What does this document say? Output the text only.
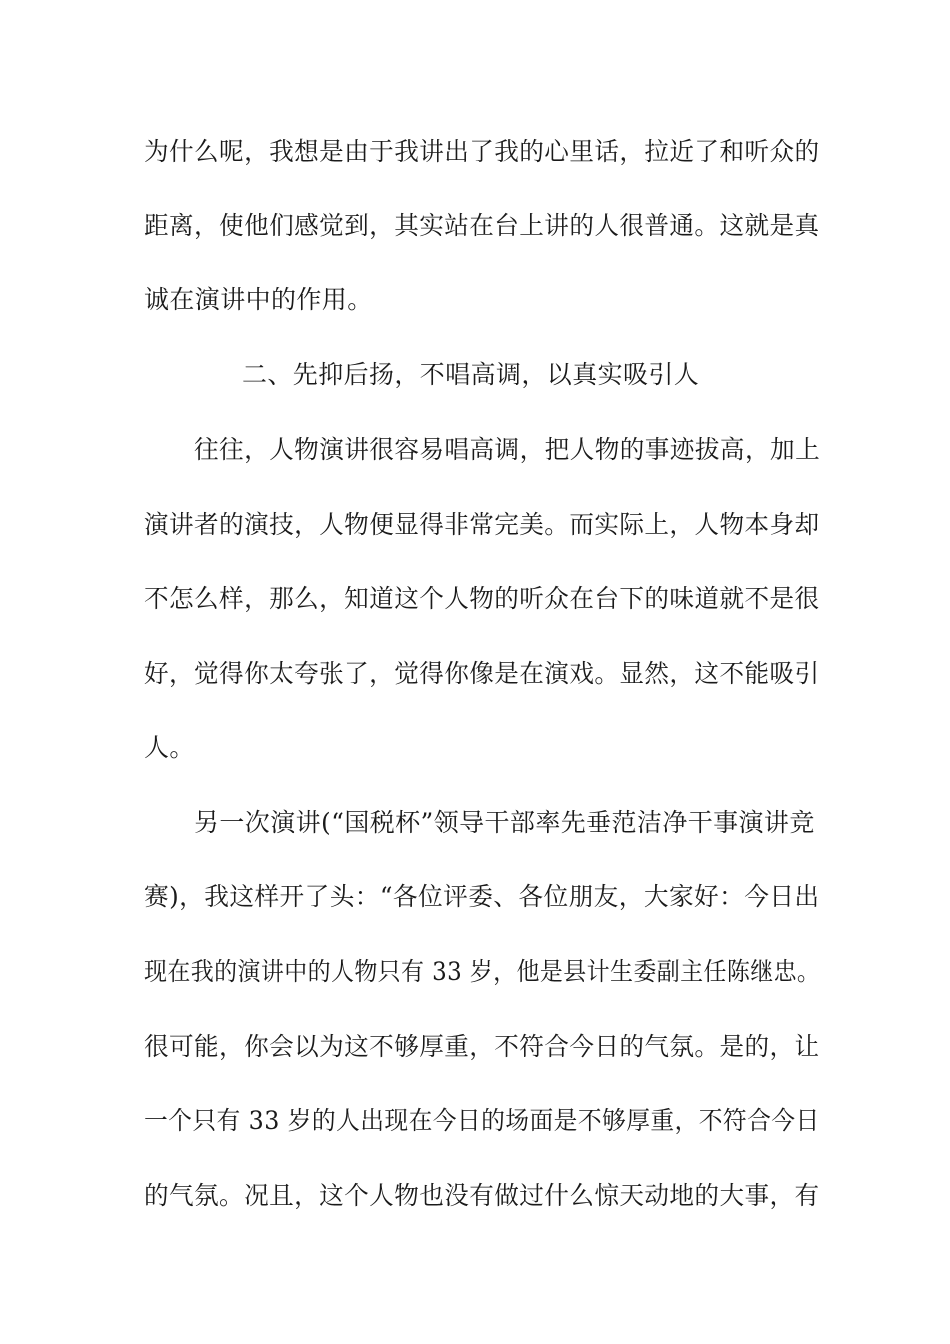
为什么呢，我想是由于我讲出了我的心里话，拉近了和听众的
距离，使他们感觉到，其实站在台上讲的人很普通。这就是真
诚在演讲中的作用。
二、先抑后扬，不唱高调，以真实吸引人
往往，人物演讲很容易唱高调，把人物的事迹拔高，加上
演讲者的演技，人物便显得非常完美。而实际上，人物本身却
不怎么样，那么，知道这个人物的听众在台下的味道就不是很
好，觉得你太夸张了，觉得你像是在演戏。显然，这不能吸引
人。
另一次演讲(“国税杯”领导干部率先垂范洁净干事演讲竞
赛)，我这样开了头：“各位评委、各位朋友，大家好：今日出
现在我的演讲中的人物只有 33 岁，他是县计生委副主任陈继忠。
很可能，你会以为这不够厚重，不符合今日的气氛。是的，让
一个只有 33 岁的人出现在今日的场面是不够厚重，不符合今日
的气氛。况且，这个人物也没有做过什么惊天动地的大事，有
